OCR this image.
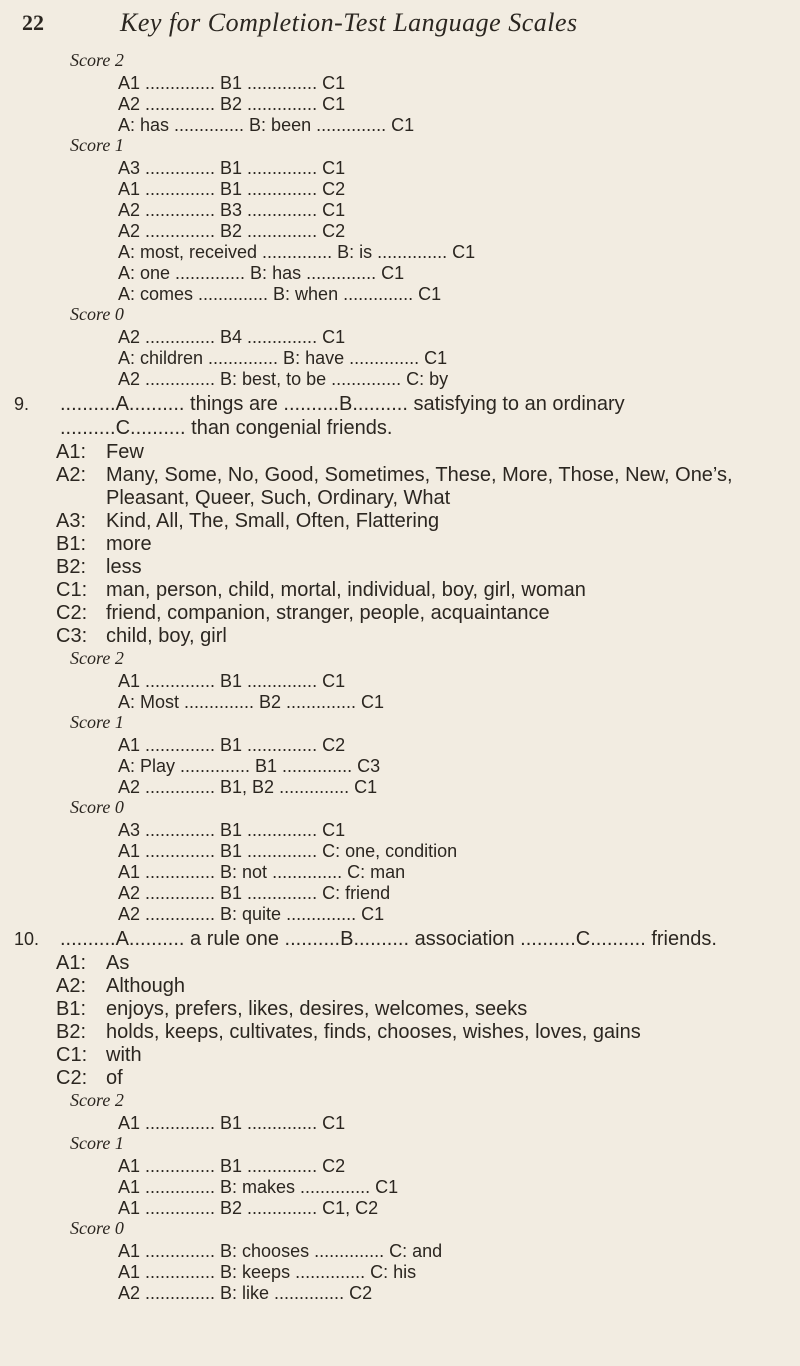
22	Key for Completion-Test Language Scales
Score 2
A1 .............. B1 .............. C1
A2 .............. B2 .............. C1
A: has .............. B: been .............. C1
Score 1
A3 .............. B1 .............. C1
A1 .............. B1 .............. C2
A2 .............. B3 .............. C1
A2 .............. B2 .............. C2
A: most, received .............. B: is .............. C1
A: one .............. B: has .............. C1
A: comes .............. B: when .............. C1
Score 0
A2 .............. B4 .............. C1
A: children .............. B: have .............. C1
A2 .............. B: best, to be .............. C: by
9. ..........A.......... things are ..........B.......... satisfying to an ordinary
..........C.......... than congenial friends.
A1: Few
A2: Many, Some, No, Good, Sometimes, These, More, Those, New, One’s,
Pleasant, Queer, Such, Ordinary, What
A3: Kind, All, The, Small, Often, Flattering
B1: more
B2: less
C1: man, person, child, mortal, individual, boy, girl, woman
C2: friend, companion, stranger, people, acquaintance
C3: child, boy, girl
Score 2
A1 .............. B1 .............. C1
A: Most .............. B2 .............. C1
Score 1
A1 .............. B1 .............. C2
A: Play .............. B1 .............. C3
A2 .............. B1, B2 .............. C1
Score 0
A3 .............. B1 .............. C1
A1 .............. B1 .............. C: one, condition
A1 .............. B: not .............. C: man
A2 .............. B1 .............. C: friend
A2 .............. B: quite .............. C1
10. ..........A.......... a rule one ..........B.......... association ..........C.......... friends.
A1: As
A2: Although
B1: enjoys, prefers, likes, desires, welcomes, seeks
B2: holds, keeps, cultivates, finds, chooses, wishes, loves, gains
C1: with
C2: of
Score 2
A1 .............. B1 .............. C1
Score 1
A1 .............. B1 .............. C2
A1 .............. B: makes .............. C1
A1 .............. B2 .............. C1, C2
Score 0
A1 .............. B: chooses .............. C: and
A1 .............. B: keeps .............. C: his
A2 .............. B: like .............. C2
